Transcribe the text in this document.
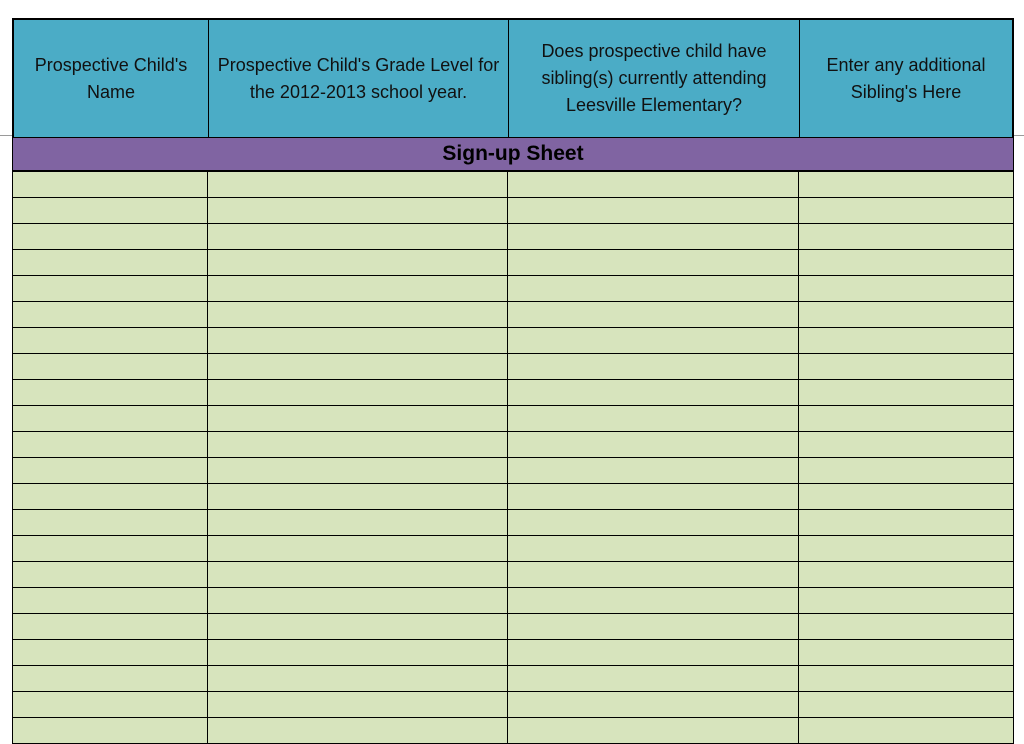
Prospective Child's Name
Prospective Child's Grade Level for the 2012-2013 school year.
Does prospective child have sibling(s) currently attending Leesville Elementary?
Enter any additional Sibling's Here
Sign-up Sheet
